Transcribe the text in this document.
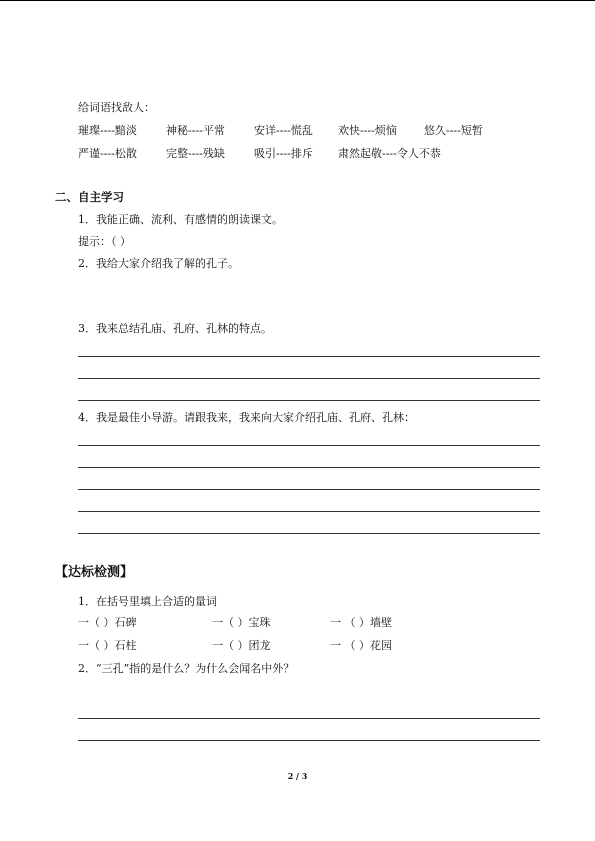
给词语找敌人：
璀璨----黯淡	神秘----平常	安详----慌乱 欢快----烦恼 悠久----短暂
严谨----松散	完整----残缺	吸引----排斥 肃然起敬----令人不恭
二、自主学习
1．我能正确、流利、有感情的朗读课文。
提示：（ ）
2．我给大家介绍我了解的孔子。
3．我来总结孔庙、孔府、孔林的特点。
4．我是最佳小导游。请跟我来，我来向大家介绍孔庙、孔府、孔林：
【达标检测】
1．在括号里填上合适的量词
一（ ）石碑	一（ ）宝珠	一 （ ）墙壁
一（ ）石柱	一（ ）团龙	一 （ ）花园
2．“三孔”指的是什么？为什么会闻名中外？
2 / 3
